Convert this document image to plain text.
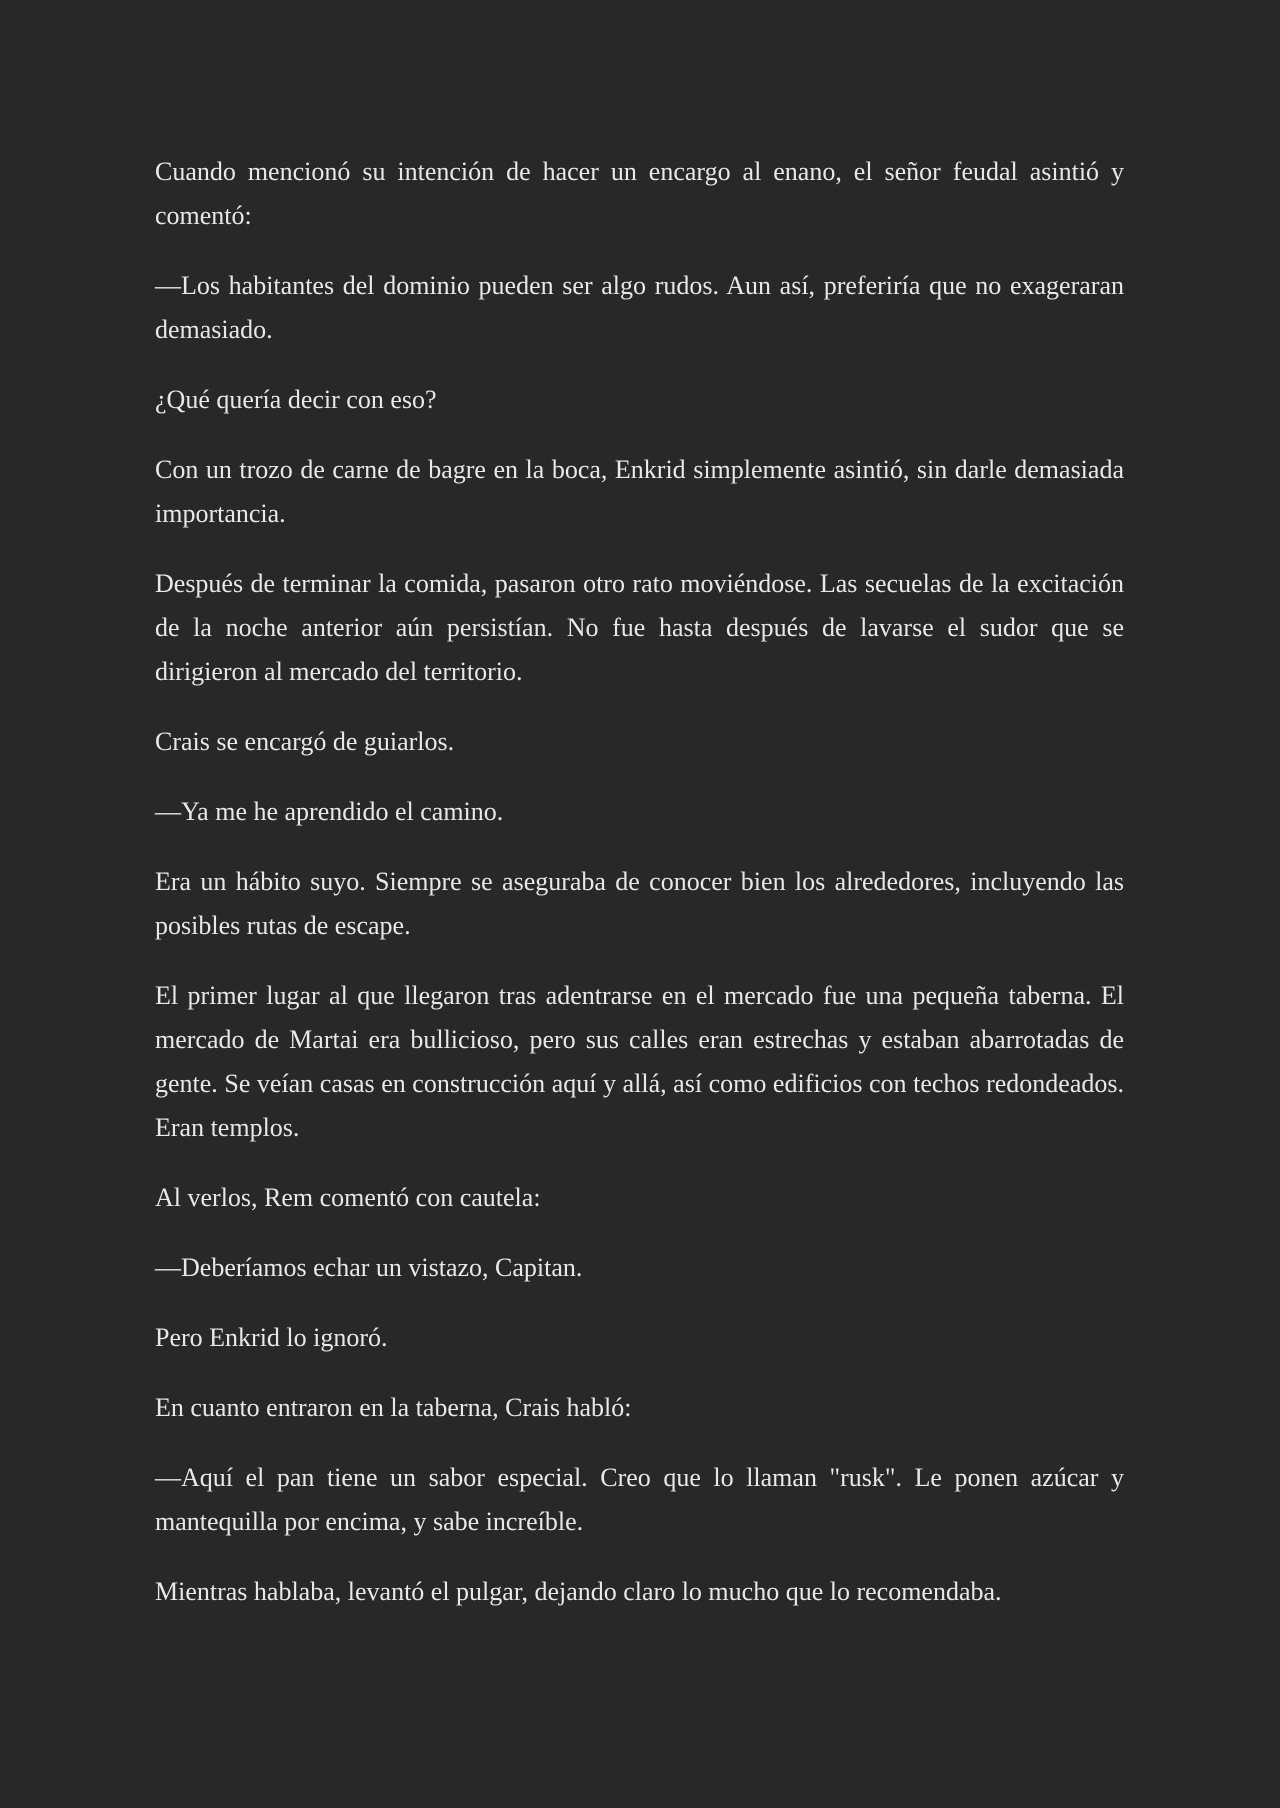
Cuando mencionó su intención de hacer un encargo al enano, el señor feudal asintió y comentó:

—Los habitantes del dominio pueden ser algo rudos. Aun así, preferiría que no exageraran demasiado.

¿Qué quería decir con eso?

Con un trozo de carne de bagre en la boca, Enkrid simplemente asintió, sin darle demasiada importancia.

Después de terminar la comida, pasaron otro rato moviéndose. Las secuelas de la excitación de la noche anterior aún persistían. No fue hasta después de lavarse el sudor que se dirigieron al mercado del territorio.

Crais se encargó de guiarlos.

—Ya me he aprendido el camino.

Era un hábito suyo. Siempre se aseguraba de conocer bien los alrededores, incluyendo las posibles rutas de escape.

El primer lugar al que llegaron tras adentrarse en el mercado fue una pequeña taberna. El mercado de Martai era bullicioso, pero sus calles eran estrechas y estaban abarrotadas de gente. Se veían casas en construcción aquí y allá, así como edificios con techos redondeados. Eran templos.

Al verlos, Rem comentó con cautela:

—Deberíamos echar un vistazo, Capitan.

Pero Enkrid lo ignoró.

En cuanto entraron en la taberna, Crais habló:

—Aquí el pan tiene un sabor especial. Creo que lo llaman "rusk". Le ponen azúcar y mantequilla por encima, y sabe increíble.

Mientras hablaba, levantó el pulgar, dejando claro lo mucho que lo recomendaba.
